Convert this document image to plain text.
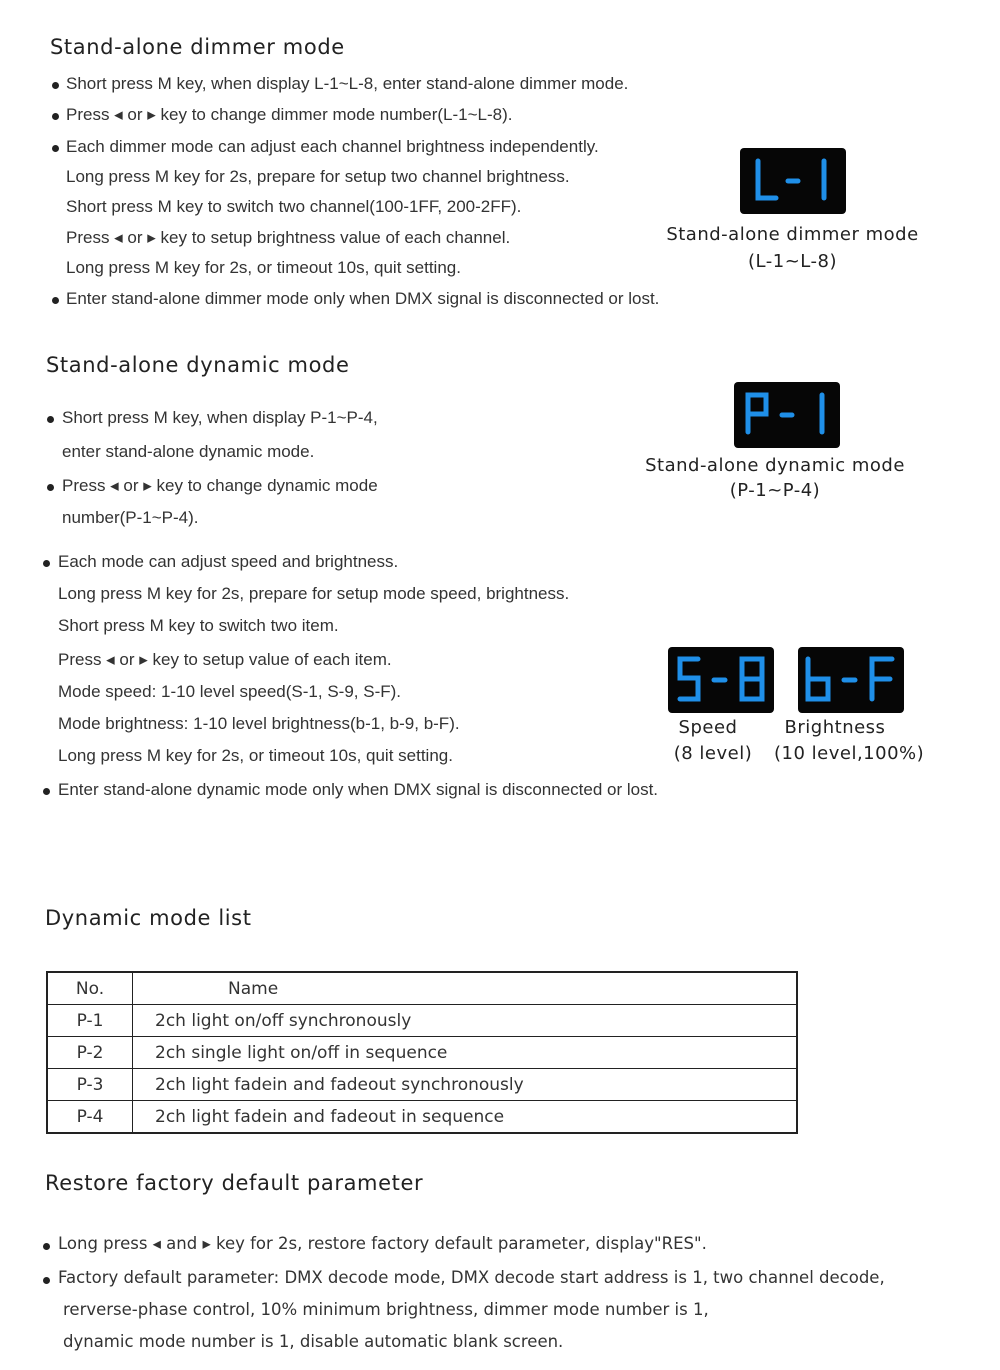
Stand-alone dimmer mode
Short press M key, when display L-1~L-8, enter stand-alone dimmer mode.
Press ◂ or ▸ key to change dimmer mode number(L-1~L-8).
Each dimmer mode can adjust each channel brightness independently.
Long press M key for 2s, prepare for setup two channel brightness.
Short press M key to switch two channel(100-1FF, 200-2FF).
Press ◂ or ▸ key to setup brightness value of each channel.
Long press M key for 2s, or timeout 10s, quit setting.
Enter stand-alone dimmer mode only when DMX signal is disconnected or lost.
Stand-alone dimmer mode
(L-1~L-8)
Stand-alone dynamic mode
Short press M key, when display P-1~P-4,
enter stand-alone dynamic mode.
Press ◂ or ▸ key to change dynamic mode
number(P-1~P-4).
Each mode can adjust speed and brightness.
Long press M key for 2s, prepare for setup mode speed, brightness.
Short press M key to switch two item.
Press ◂ or ▸ key to setup value of each item.
Mode speed: 1-10 level speed(S-1, S-9, S-F).
Mode brightness: 1-10 level brightness(b-1, b-9, b-F).
Long press M key for 2s, or timeout 10s, quit setting.
Enter stand-alone dynamic mode only when DMX signal is disconnected or lost.
Stand-alone dynamic mode
(P-1~P-4)
Speed
(8 level)
Brightness
(10 level,100%)
Dynamic mode list
No.	Name
P-1	2ch light on/off synchronously
P-2	2ch single light on/off in sequence
P-3	2ch light fadein and fadeout synchronously
P-4	2ch light fadein and fadeout in sequence
Restore factory default parameter
Long press ◂ and ▸ key for 2s, restore factory default parameter, display"RES".
Factory default parameter: DMX decode mode, DMX decode start address is 1, two channel decode,
rerverse-phase control, 10% minimum brightness, dimmer mode number is 1,
dynamic mode number is 1, disable automatic blank screen.
